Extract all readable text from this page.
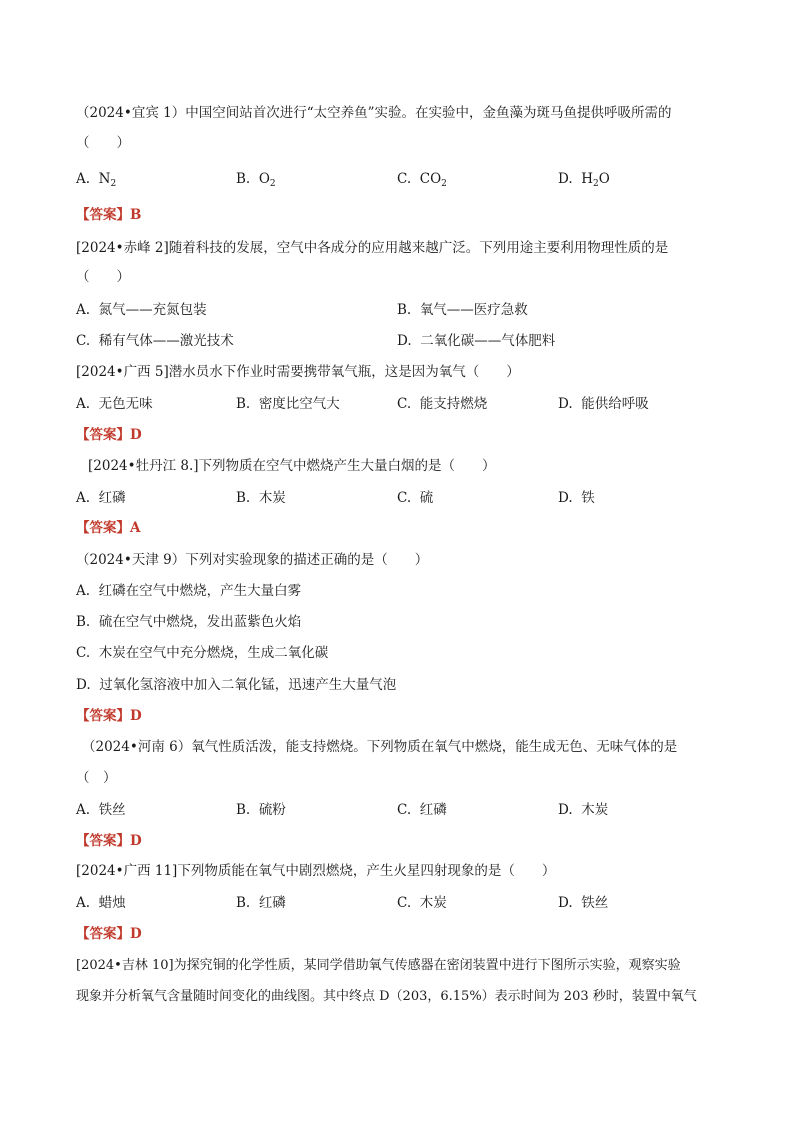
（2024•宜宾 1）中国空间站首次进行“太空养鱼”实验。在实验中，金鱼藻为斑马鱼提供呼吸所需的
（　　）
A. $N_2$	B. $O_2$	C. $CO_2$	D. $H_2O$
【答案】B
[2024•赤峰 2]随着科技的发展，空气中各成分的应用越来越广泛。下列用途主要利用物理性质的是
（　　）
A. 氮气——充氮包装	B. 氧气——医疗急救
C. 稀有气体——激光技术	D. 二氧化碳——气体肥料
[2024•广西 5]潜水员水下作业时需要携带氧气瓶，这是因为氧气（　　）
A. 无色无味	B. 密度比空气大	C. 能支持燃烧	D. 能供给呼吸
【答案】D
[2024•牡丹江 8.]下列物质在空气中燃烧产生大量白烟的是（　　）
A. 红磷	B. 木炭	C. 硫	D. 铁
【答案】A
（2024•天津 9）下列对实验现象的描述正确的是（　　）
A. 红磷在空气中燃烧，产生大量白雾
B. 硫在空气中燃烧，发出蓝紫色火焰
C. 木炭在空气中充分燃烧，生成二氧化碳
D. 过氧化氢溶液中加入二氧化锰，迅速产生大量气泡
【答案】D
（2024•河南 6）氧气性质活泼，能支持燃烧。下列物质在氧气中燃烧，能生成无色、无味气体的是
（　）
A. 铁丝	B. 硫粉	C. 红磷	D. 木炭
【答案】D
[2024•广西 11]下列物质能在氧气中剧烈燃烧，产生火星四射现象的是（　　）
A. 蜡烛	B. 红磷	C. 木炭	D. 铁丝
【答案】D
[2024•吉林 10]为探究铜的化学性质，某同学借助氧气传感器在密闭装置中进行下图所示实验，观察实验
现象并分析氧气含量随时间变化的曲线图。其中终点 D（203，6.15%）表示时间为 203 秒时，装置中氧气
